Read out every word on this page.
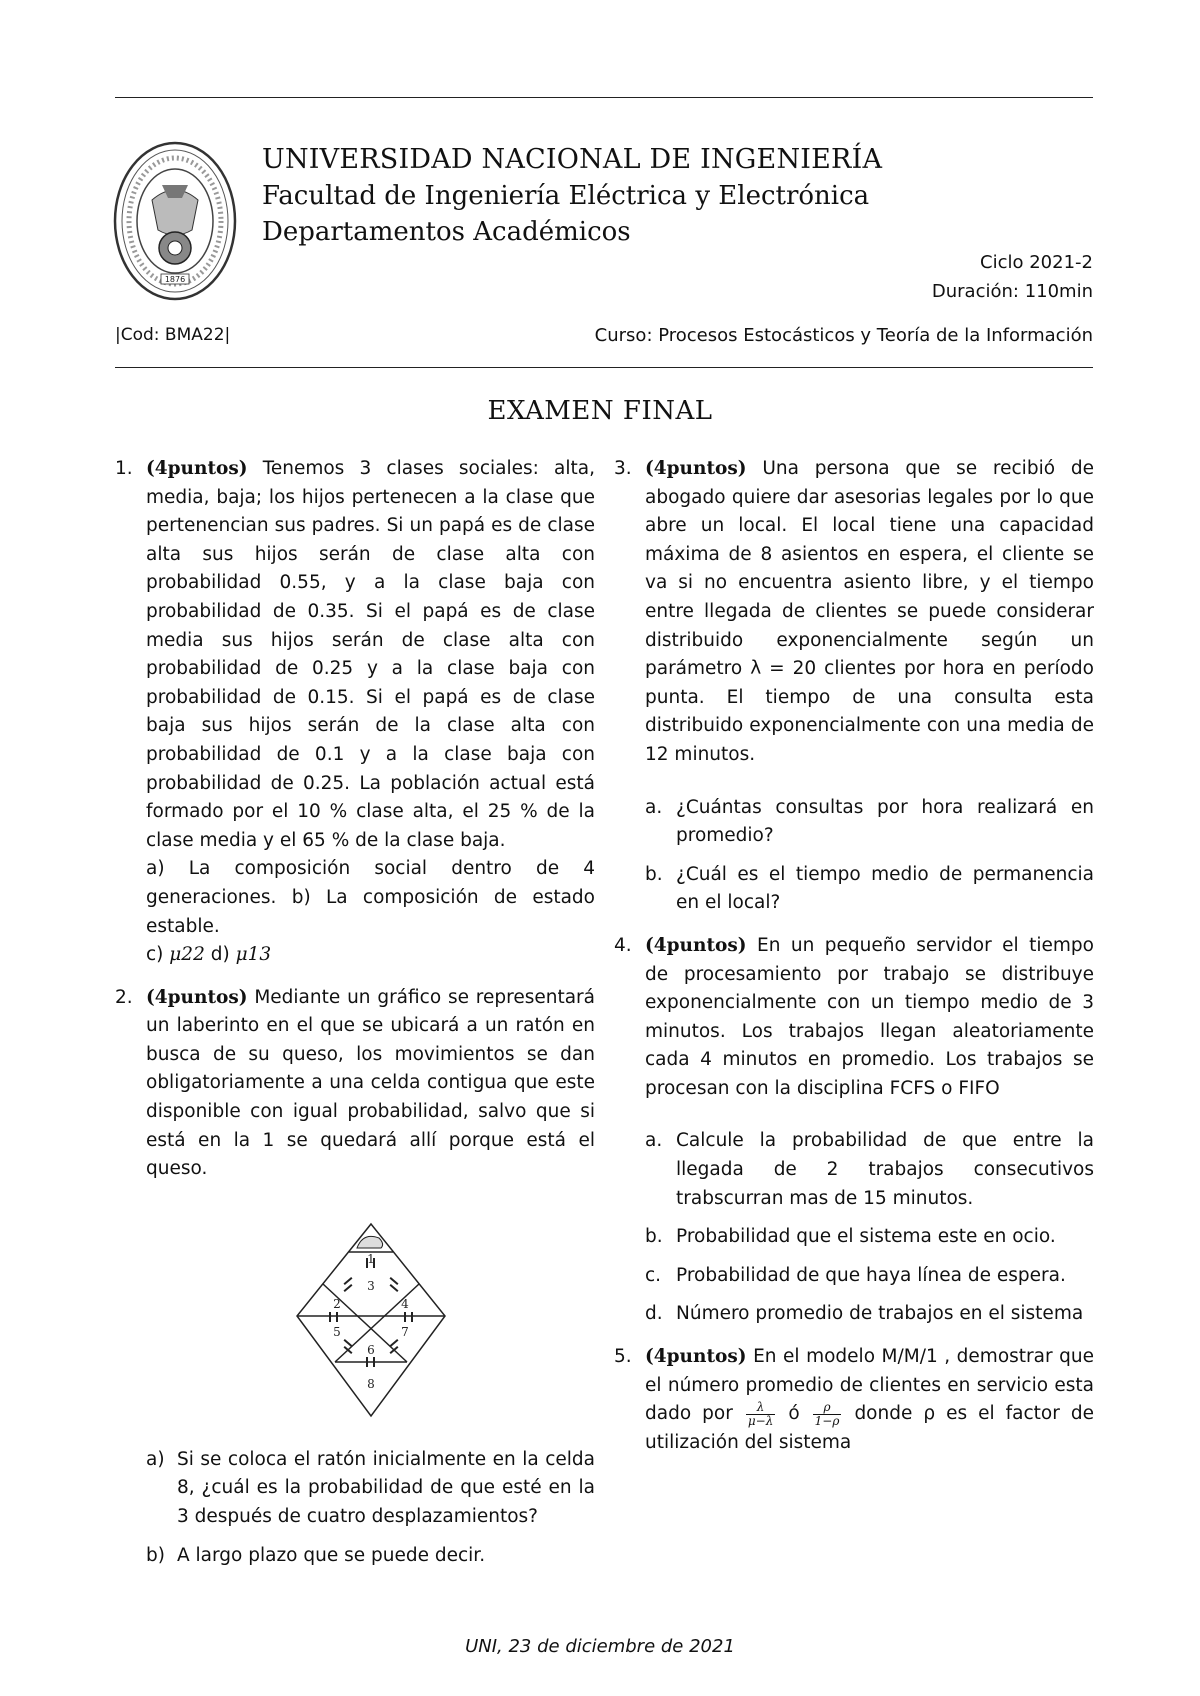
1876
UNIVERSIDAD NACIONAL DE INGENIERÍA
Facultad de Ingeniería Eléctrica y Electrónica
Departamentos Académicos
Ciclo 2021-2
Duración: 110min
|Cod: BMA22|	Curso: Procesos Estocásticos y Teoría de la Información
EXAMEN FINAL
1. (4puntos) Tenemos 3 clases sociales: alta, media, baja; los hijos pertenecen a la clase que pertenencian sus padres. Si un papá es de clase alta sus hijos serán de clase alta con probabilidad 0.55, y a la clase baja con probabilidad de 0.35. Si el papá es de clase media sus hijos serán de clase alta con probabilidad de 0.25 y a la clase baja con probabilidad de 0.15. Si el papá es de clase baja sus hijos serán de la clase alta con probabilidad de 0.1 y a la clase baja con probabilidad de 0.25. La población actual está formado por el 10 % clase alta, el 25 % de la clase media y el 65 % de la clase baja.
a) La composición social dentro de 4 generaciones. b) La composición de estado estable.
c) μ22 d) μ13
2. (4puntos) Mediante un gráfico se representará un laberinto en el que se ubicará a un ratón en busca de su queso, los movimientos se dan obligatoriamente a una celda contigua que este disponible con igual probabilidad, salvo que si está en la 1 se quedará allí porque está el queso.
1
2
3
4
5
6
7
8
a) Si se coloca el ratón inicialmente en la celda 8, ¿cuál es la probabilidad de que esté en la 3 después de cuatro desplazamientos?
b) A largo plazo que se puede decir.
3. (4puntos) Una persona que se recibió de abogado quiere dar asesorias legales por lo que abre un local. El local tiene una capacidad máxima de 8 asientos en espera, el cliente se va si no encuentra asiento libre, y el tiempo entre llegada de clientes se puede considerar distribuido exponencialmente según un parámetro λ = 20 clientes por hora en período punta. El tiempo de una consulta esta distribuido exponencialmente con una media de 12 minutos.
a. ¿Cuántas consultas por hora realizará en promedio?
b. ¿Cuál es el tiempo medio de permanencia en el local?
4. (4puntos) En un pequeño servidor el tiempo de procesamiento por trabajo se distribuye exponencialmente con un tiempo medio de 3 minutos. Los trabajos llegan aleatoriamente cada 4 minutos en promedio. Los trabajos se procesan con la disciplina FCFS o FIFO
a. Calcule la probabilidad de que entre la llegada de 2 trabajos consecutivos trabscurran mas de 15 minutos.
b. Probabilidad que el sistema este en ocio.
c. Probabilidad de que haya línea de espera.
d. Número promedio de trabajos en el sistema
5. (4puntos) En el modelo M/M/1 , demostrar que el número promedio de clientes en servicio esta dado por $\frac{\lambda}{\mu-\lambda}$ ó $\frac{\rho}{1-\rho}$ donde ρ es el factor de utilización del sistema
UNI, 23 de diciembre de 2021
